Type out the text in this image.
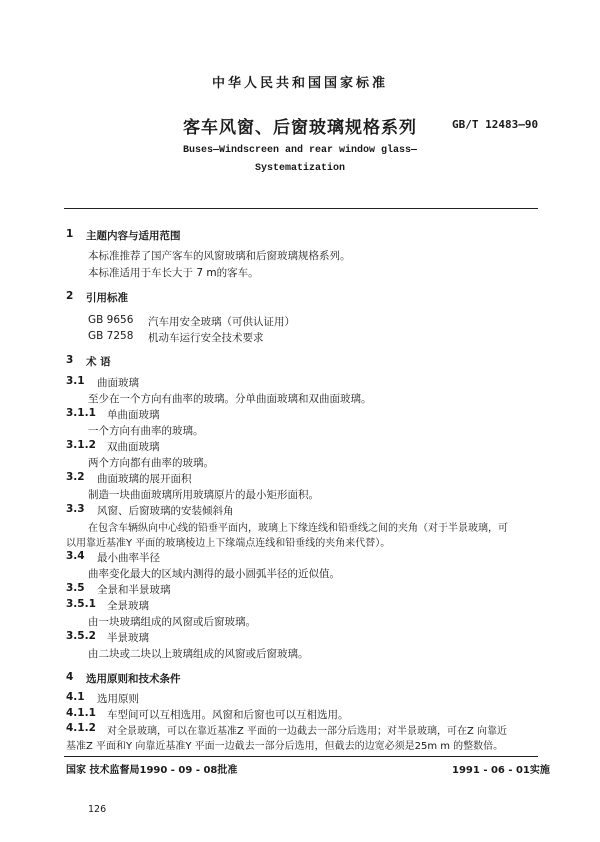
中华人民共和国国家标准
客车风窗、后窗玻璃规格系列	GB/T 12483—90
Buses—Windscreen and rear window glass—
Systematization
1 主题内容与适用范围
本标准推荐了国产客车的风窗玻璃和后窗玻璃规格系列。
本标准适用于车长大于 7 m的客车。
2 引用标准
GB 9656 汽车用安全玻璃（可供认证用）
GB 7258 机动车运行安全技术要求
3 术 语
3.1 曲面玻璃
至少在一个方向有曲率的玻璃。分单曲面玻璃和双曲面玻璃。
3.1.1 单曲面玻璃
一个方向有曲率的玻璃。
3.1.2 双曲面玻璃
两个方向都有曲率的玻璃。
3.2 曲面玻璃的展开面积
制造一块曲面玻璃所用玻璃原片的最小矩形面积。
3.3 风窗、后窗玻璃的安装倾斜角
在包含车辆纵向中心线的铅垂平面内，玻璃上下缘连线和铅垂线之间的夹角（对于半景玻璃，可
以用靠近基准Y 平面的玻璃棱边上下缘端点连线和铅垂线的夹角来代替）。
3.4 最小曲率半径
曲率变化最大的区域内测得的最小圆弧半径的近似值。
3.5 全景和半景玻璃
3.5.1 全景玻璃
由一块玻璃组成的风窗或后窗玻璃。
3.5.2 半景玻璃
由二块或二块以上玻璃组成的风窗或后窗玻璃。
4 选用原则和技术条件
4.1 选用原则
4.1.1 车型间可以互相选用。风窗和后窗也可以互相选用。
4.1.2 对全景玻璃，可以在靠近基准Z 平面的一边截去一部分后选用；对半景玻璃，可在Z 向靠近
基准Z 平面和Y 向靠近基准Y 平面一边截去一部分后选用，但截去的边宽必须是25m m 的整数倍。
国家 技术监督局1990 - 09 - 08批准	1991 - 06 - 01实施
126
